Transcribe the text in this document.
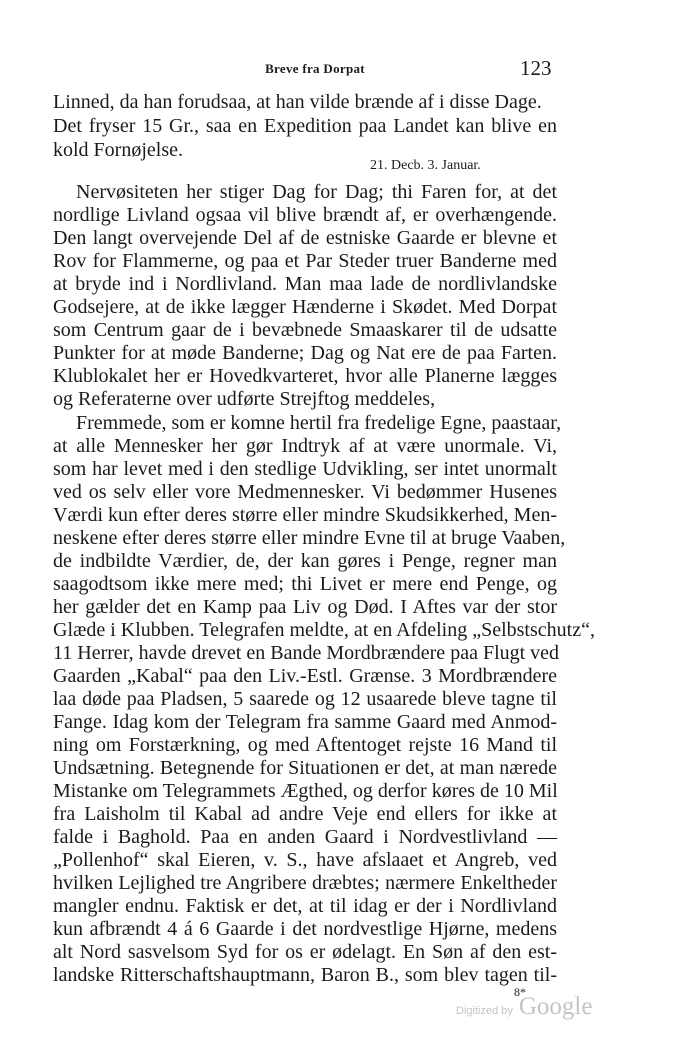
Breve fra Dorpat	123
Linned, da han forudsaa, at han vilde brænde af i disse Dage.
Det fryser 15 Gr., saa en Expedition paa Landet kan blive en
kold Fornøjelse.
21. Decb. 3. Januar.
Nervøsiteten her stiger Dag for Dag; thi Faren for, at det
nordlige Livland ogsaa vil blive brændt af, er overhængende.
Den langt overvejende Del af de estniske Gaarde er blevne et
Rov for Flammerne, og paa et Par Steder truer Banderne med
at bryde ind i Nordlivland. Man maa lade de nordlivlandske
Godsejere, at de ikke lægger Hænderne i Skødet. Med Dorpat
som Centrum gaar de i bevæbnede Smaaskarer til de udsatte
Punkter for at møde Banderne; Dag og Nat ere de paa Farten.
Klublokalet her er Hovedkvarteret, hvor alle Planerne lægges
og Referaterne over udførte Strejftog meddeles,
Fremmede, som er komne hertil fra fredelige Egne, paastaar,
at alle Mennesker her gør Indtryk af at være unormale. Vi,
som har levet med i den stedlige Udvikling, ser intet unormalt
ved os selv eller vore Medmennesker. Vi bedømmer Husenes
Værdi kun efter deres større eller mindre Skudsikkerhed, Men-
neskene efter deres større eller mindre Evne til at bruge Vaaben,
de indbildte Værdier, de, der kan gøres i Penge, regner man
saagodtsom ikke mere med; thi Livet er mere end Penge, og
her gælder det en Kamp paa Liv og Død. I Aftes var der stor
Glæde i Klubben. Telegrafen meldte, at en Afdeling „Selbstschutz“,
11 Herrer, havde drevet en Bande Mordbrændere paa Flugt ved
Gaarden „Kabal“ paa den Liv.-Estl. Grænse. 3 Mordbrændere
laa døde paa Pladsen, 5 saarede og 12 usaarede bleve tagne til
Fange. Idag kom der Telegram fra samme Gaard med Anmod-
ning om Forstærkning, og med Aftentoget rejste 16 Mand til
Undsætning. Betegnende for Situationen er det, at man nærede
Mistanke om Telegrammets Ægthed, og derfor køres de 10 Mil
fra Laisholm til Kabal ad andre Veje end ellers for ikke at
falde i Baghold. Paa en anden Gaard i Nordvestlivland —
„Pollenhof“ skal Eieren, v. S., have afslaaet et Angreb, ved
hvilken Lejlighed tre Angribere dræbtes; nærmere Enkeltheder
mangler endnu. Faktisk er det, at til idag er der i Nordlivland
kun afbrændt 4 á 6 Gaarde i det nordvestlige Hjørne, medens
alt Nord sasvelsom Syd for os er ødelagt. En Søn af den est-
landske Ritterschaftshauptmann, Baron B., som blev tagen til-
8*
Digitized by Google
